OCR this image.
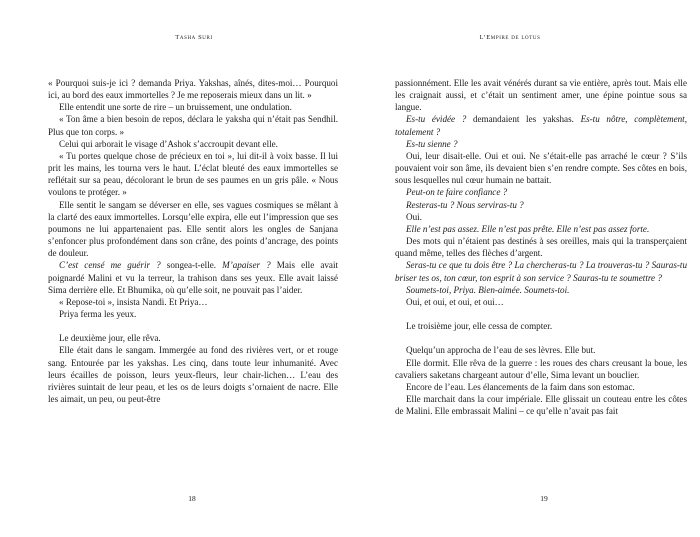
Tasha Suri

« Pourquoi suis-je ici ? demanda Priya. Yakshas, aînés, dites-moi… Pourquoi ici, au bord des eaux immortelles ? Je me reposerais mieux dans un lit. »

Elle entendit une sorte de rire – un bruissement, une ondulation.

« Ton âme a bien besoin de repos, déclara le yaksha qui n’était pas Sendhil. Plus que ton corps. »

Celui qui arborait le visage d’Ashok s’accroupit devant elle.

« Tu portes quelque chose de précieux en toi », lui dit-il à voix basse. Il lui prit les mains, les tourna vers le haut. L’éclat bleuté des eaux immortelles se reflétait sur sa peau, décolorant le brun de ses paumes en un gris pâle. « Nous voulons te protéger. »

Elle sentit le sangam se déverser en elle, ses vagues cosmiques se mêlant à la clarté des eaux immortelles. Lorsqu’elle expira, elle eut l’impression que ses poumons ne lui appartenaient pas. Elle sentit alors les ongles de Sanjana s’enfoncer plus profondément dans son crâne, des points d’ancrage, des points de douleur.

C’est censé me guérir ? songea-t-elle. M’apaiser ? Mais elle avait poignardé Malini et vu la terreur, la trahison dans ses yeux. Elle avait laissé Sima derrière elle. Et Bhumika, où qu’elle soit, ne pouvait pas l’aider.

« Repose-toi », insista Nandi. Et Priya…

Priya ferma les yeux.

Le deuxième jour, elle rêva.

Elle était dans le sangam. Immergée au fond des rivières vert, or et rouge sang. Entourée par les yakshas. Les cinq, dans toute leur inhumanité. Avec leurs écailles de poisson, leurs yeux-fleurs, leur chair-lichen… L’eau des rivières suintait de leur peau, et les os de leurs doigts s’ornaient de nacre. Elle les aimait, un peu, ou peut-être

18
L’Empire de lotus

passionnément. Elle les avait vénérés durant sa vie entière, après tout. Mais elle les craignait aussi, et c’était un sentiment amer, une épine pointue sous sa langue.

Es-tu évidée ? demandaient les yakshas. Es-tu nôtre, complètement, totalement ?

Es-tu sienne ?

Oui, leur disait-elle. Oui et oui. Ne s’était-elle pas arraché le cœur ? S’ils pouvaient voir son âme, ils devaient bien s’en rendre compte. Ses côtes en bois, sous lesquelles nul cœur humain ne battait.

Peut-on te faire confiance ?

Resteras-tu ? Nous serviras-tu ?

Oui.

Elle n’est pas assez. Elle n’est pas prête. Elle n’est pas assez forte.

Des mots qui n’étaient pas destinés à ses oreilles, mais qui la transperçaient quand même, telles des flèches d’argent.

Seras-tu ce que tu dois être ? La chercheras-tu ? La trouveras-tu ? Sauras-tu briser tes os, ton cœur, ton esprit à son service ? Sauras-tu te soumettre ?

Soumets-toi, Priya. Bien-aimée. Soumets-toi.

Oui, et oui, et oui, et oui…

Le troisième jour, elle cessa de compter.

Quelqu’un approcha de l’eau de ses lèvres. Elle but.

Elle dormit. Elle rêva de la guerre : les roues des chars creusant la boue, les cavaliers saketans chargeant autour d’elle, Sima levant un bouclier.

Encore de l’eau. Les élancements de la faim dans son estomac.

Elle marchait dans la cour impériale. Elle glissait un couteau entre les côtes de Malini. Elle embrassait Malini – ce qu’elle n’avait pas fait

19
